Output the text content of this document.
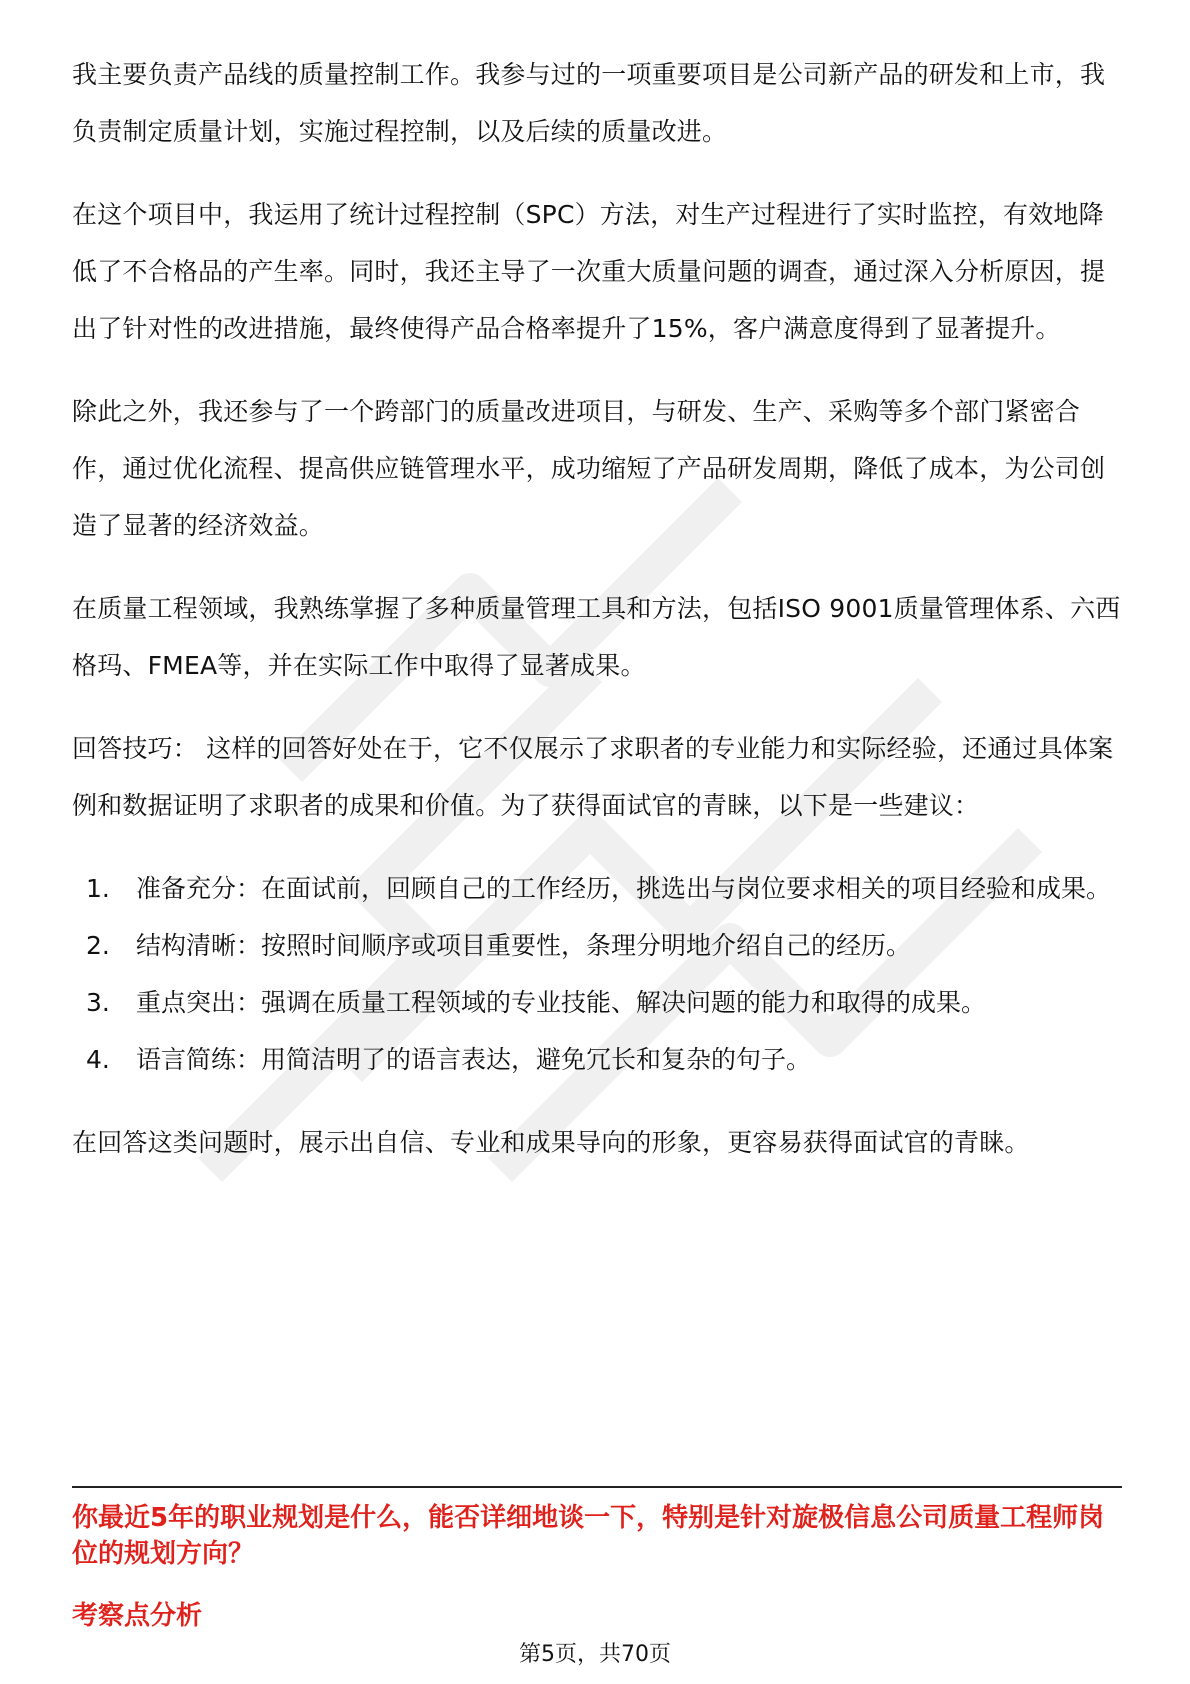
我主要负责产品线的质量控制工作。我参与过的一项重要项目是公司新产品的研发和上市，我负责制定质量计划，实施过程控制，以及后续的质量改进。

在这个项目中，我运用了统计过程控制（SPC）方法，对生产过程进行了实时监控，有效地降低了不合格品的产生率。同时，我还主导了一次重大质量问题的调查，通过深入分析原因，提出了针对性的改进措施，最终使得产品合格率提升了15%，客户满意度得到了显著提升。

除此之外，我还参与了一个跨部门的质量改进项目，与研发、生产、采购等多个部门紧密合作，通过优化流程、提高供应链管理水平，成功缩短了产品研发周期，降低了成本，为公司创造了显著的经济效益。

在质量工程领域，我熟练掌握了多种质量管理工具和方法，包括ISO 9001质量管理体系、六西格玛、FMEA等，并在实际工作中取得了显著成果。

回答技巧： 这样的回答好处在于，它不仅展示了求职者的专业能力和实际经验，还通过具体案例和数据证明了求职者的成果和价值。为了获得面试官的青睐，以下是一些建议：

1.	准备充分：在面试前，回顾自己的工作经历，挑选出与岗位要求相关的项目经验和成果。
2.	结构清晰：按照时间顺序或项目重要性，条理分明地介绍自己的经历。
3.	重点突出：强调在质量工程领域的专业技能、解决问题的能力和取得的成果。
4.	语言简练：用简洁明了的语言表达，避免冗长和复杂的句子。

在回答这类问题时，展示出自信、专业和成果导向的形象，更容易获得面试官的青睐。

你最近5年的职业规划是什么，能否详细地谈一下，特别是针对旋极信息公司质量工程师岗位的规划方向？
考察点分析
第5页，共70页
